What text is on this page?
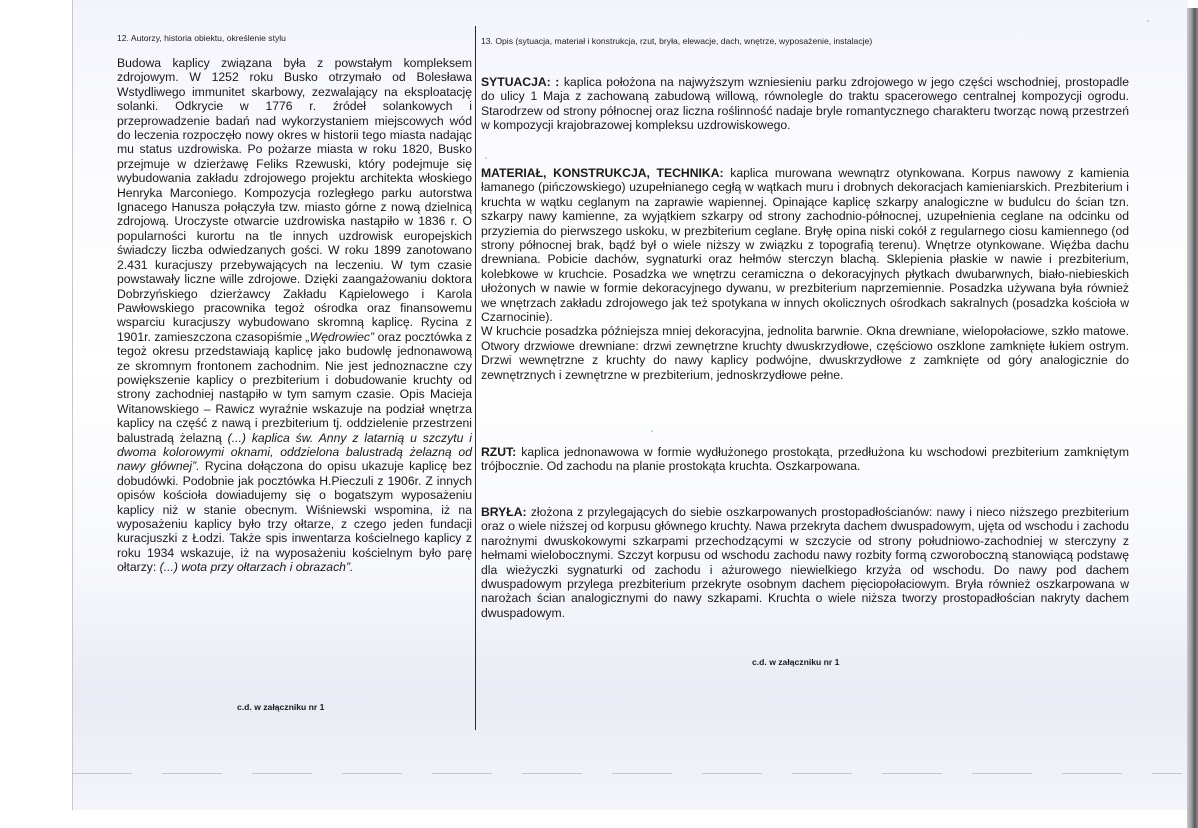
12. Autorzy, historia obiektu, określenie stylu

Budowa kaplicy związana była z powstałym kompleksem zdrojowym. W 1252 roku Busko otrzymało od Bolesława Wstydliwego immunitet skarbowy, zezwalający na eksploatację solanki. Odkrycie w 1776 r. źródeł solankowych i przeprowadzenie badań nad wykorzystaniem miejscowych wód do leczenia rozpoczęło nowy okres w historii tego miasta nadając mu status uzdrowiska. Po pożarze miasta w roku 1820, Busko przejmuje w dzierżawę Feliks Rzewuski, który podejmuje się wybudowania zakładu zdrojowego projektu architekta włoskiego Henryka Marconiego. Kompozycja rozległego parku autorstwa Ignacego Hanusza połączyła tzw. miasto górne z nową dzielnicą zdrojową. Uroczyste otwarcie uzdrowiska nastąpiło w 1836 r. O popularności kurortu na tle innych uzdrowisk europejskich świadczy liczba odwiedzanych gości. W roku 1899 zanotowano 2.431 kuracjuszy przebywających na leczeniu. W tym czasie powstawały liczne wille zdrojowe. Dzięki zaangażowaniu doktora Dobrzyńskiego dzierżawcy Zakładu Kąpielowego i Karola Pawłowskiego pracownika tegoż ośrodka oraz finansowemu wsparciu kuracjuszy wybudowano skromną kaplicę. Rycina z 1901r. zamieszczona czasopiśmie „Wędrowiec” oraz pocztówka z tegoż okresu przedstawiają kaplicę jako budowlę jednonawową ze skromnym frontonem zachodnim. Nie jest jednoznaczne czy powiększenie kaplicy o prezbiterium i dobudowanie kruchty od strony zachodniej nastąpiło w tym samym czasie. Opis Macieja Witanowskiego – Rawicz wyraźnie wskazuje na podział wnętrza kaplicy na część z nawą i prezbiterium tj. oddzielenie przestrzeni balustradą żelazną (...) kaplica św. Anny z latarnią u szczytu i dwoma kolorowymi oknami, oddzielona balustradą żelazną od nawy głównej”. Rycina dołączona do opisu ukazuje kaplicę bez dobudówki. Podobnie jak pocztówka H.Pieczuli z 1906r. Z innych opisów kościoła dowiadujemy się o bogatszym wyposażeniu kaplicy niż w stanie obecnym. Wiśniewski wspomina, iż na wyposażeniu kaplicy było trzy ołtarze, z czego jeden fundacji kuracjuszki z Łodzi. Także spis inwentarza kościelnego kaplicy z roku 1934 wskazuje, iż na wyposażeniu kościelnym było parę ołtarzy: (...) wota przy ołtarzach i obrazach”.

c.d. w załączniku nr 1
13. Opis (sytuacja, materiał i konstrukcja, rzut, bryła, elewacje, dach, wnętrze, wyposażenie, instalacje)

SYTUACJA: : kaplica położona na najwyższym wzniesieniu parku zdrojowego w jego części wschodniej, prostopadle do ulicy 1 Maja z zachowaną zabudową willową, równolegle do traktu spacerowego centralnej kompozycji ogrodu. Starodrzew od strony północnej oraz liczna roślinność nadaje bryle romantycznego charakteru tworząc nową przestrzeń w kompozycji krajobrazowej kompleksu uzdrowiskowego.

MATERIAŁ, KONSTRUKCJA, TECHNIKA: kaplica murowana wewnątrz otynkowana. Korpus nawowy z kamienia łamanego (pińczowskiego) uzupełnianego cegłą w wątkach muru i drobnych dekoracjach kamieniarskich. Prezbiterium i kruchta w wątku ceglanym na zaprawie wapiennej. Opinające kaplicę szkarpy analogiczne w budulcu do ścian tzn. szkarpy nawy kamienne, za wyjątkiem szkarpy od strony zachodnio-północnej, uzupełnienia ceglane na odcinku od przyziemia do pierwszego uskoku, w prezbiterium ceglane. Bryłę opina niski cokół z regularnego ciosu kamiennego (od strony północnej brak, bądź był o wiele niższy w związku z topografią terenu). Wnętrze otynkowane. Więźba dachu drewniana. Pobicie dachów, sygnaturki oraz hełmów sterczyn blachą. Sklepienia płaskie w nawie i prezbiterium, kolebkowe w kruchcie. Posadzka we wnętrzu ceramiczna o dekoracyjnych płytkach dwubarwnych, biało-niebieskich ułożonych w nawie w formie dekoracyjnego dywanu, w prezbiterium naprzemiennie. Posadzka używana była również we wnętrzach zakładu zdrojowego jak też spotykana w innych okolicznych ośrodkach sakralnych (posadzka kościoła w Czarnocinie).

W kruchcie posadzka późniejsza mniej dekoracyjna, jednolita barwnie. Okna drewniane, wielopołaciowe, szkło matowe. Otwory drzwiowe drewniane: drzwi zewnętrzne kruchty dwuskrzydłowe, częściowo oszklone zamknięte łukiem ostrym. Drzwi wewnętrzne z kruchty do nawy kaplicy podwójne, dwuskrzydłowe z zamknięte od góry analogicznie do zewnętrznych i zewnętrzne w prezbiterium, jednoskrzydłowe pełne.

RZUT: kaplica jednonawowa w formie wydłużonego prostokąta, przedłużona ku wschodowi prezbiterium zamkniętym trójbocznie. Od zachodu na planie prostokąta kruchta. Oszkarpowana.

BRYŁA: złożona z przylegających do siebie oszkarpowanych prostopadłościanów: nawy i nieco niższego prezbiterium oraz o wiele niższej od korpusu głównego kruchty. Nawa przekryta dachem dwuspadowym, ujęta od wschodu i zachodu narożnymi dwuskokowymi szkarpami przechodzącymi w szczycie od strony południowo-zachodniej w sterczyny z hełmami wielobocznymi. Szczyt korpusu od wschodu zachodu nawy rozbity formą czworoboczną stanowiącą podstawę dla wieżyczki sygnaturki od zachodu i ażurowego niewielkiego krzyża od wschodu. Do nawy pod dachem dwuspadowym przylega prezbiterium przekryte osobnym dachem pięciopołaciowym. Bryła również oszkarpowana w narożach ścian analogicznymi do nawy szkapami. Kruchta o wiele niższa tworzy prostopadłościan nakryty dachem dwuspadowym.

c.d. w załączniku nr 1
